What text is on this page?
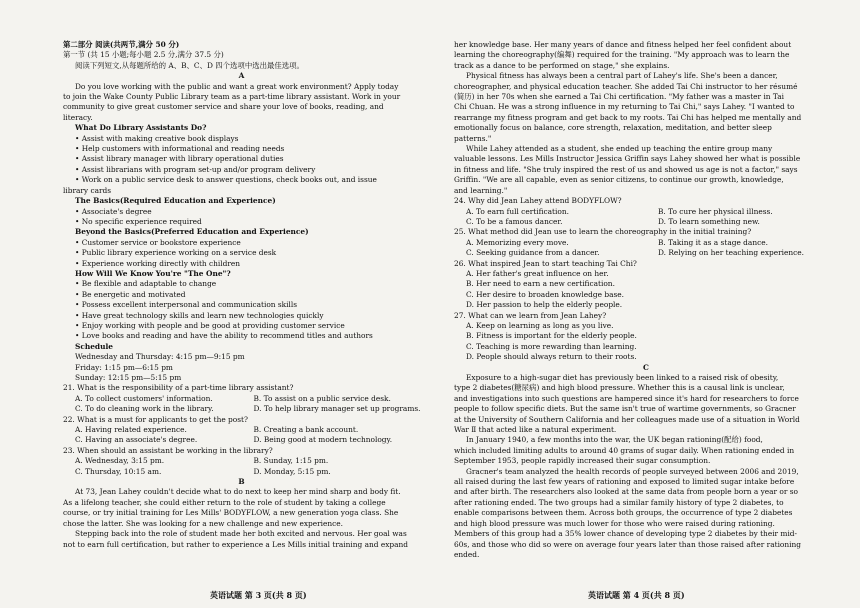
第二部分 阅读(共两节,满分 50 分)
第一节 (共 15 小题;每小题 2.5 分,满分 37.5 分)
阅读下列短文,从每题所给的 A、B、C、D 四个选项中选出最佳选项。
A
Do you love working with the public and want a great work environment? Apply today
to join the Wake County Public Library team as a part-time library assistant. Work in your
community to give great customer service and share your love of books, reading, and
literacy.
What Do Library Assistants Do?
• Assist with making creative book displays
• Help customers with informational and reading needs
• Assist library manager with library operational duties
• Assist librarians with program set-up and/or program delivery
• Work on a public service desk to answer questions, check books out, and issue
library cards
The Basics(Required Education and Experience)
• Associate's degree
• No specific experience required
Beyond the Basics(Preferred Education and Experience)
• Customer service or bookstore experience
• Public library experience working on a service desk
• Experience working directly with children
How Will We Know You're "The One"?
• Be flexible and adaptable to change
• Be energetic and motivated
• Possess excellent interpersonal and communication skills
• Have great technology skills and learn new technologies quickly
• Enjoy working with people and be good at providing customer service
• Love books and reading and have the ability to recommend titles and authors
Schedule
Wednesday and Thursday: 4:15 pm—9:15 pm
Friday: 1:15 pm—6:15 pm
Sunday: 12:15 pm—5:15 pm
21. What is the responsibility of a part-time library assistant?
A. To collect customers' information.	B. To assist on a public service desk.
C. To do cleaning work in the library.	D. To help library manager set up programs.
22. What is a must for applicants to get the post?
A. Having related experience.	B. Creating a bank account.
C. Having an associate's degree.	D. Being good at modern technology.
23. When should an assistant be working in the library?
A. Wednesday, 3:15 pm.	B. Sunday, 1:15 pm.
C. Thursday, 10:15 am.	D. Monday, 5:15 pm.
B
At 73, Jean Lahey couldn't decide what to do next to keep her mind sharp and body fit.
As a lifelong teacher, she could either return to the role of student by taking a college
course, or try initial training for Les Mills' BODYFLOW, a new generation yoga class. She
chose the latter. She was looking for a new challenge and new experience.
Stepping back into the role of student made her both excited and nervous. Her goal was
not to earn full certification, but rather to experience a Les Mills initial training and expand
her knowledge base. Her many years of dance and fitness helped her feel confident about
learning the choreography(编舞) required for the training. "My approach was to learn the
track as a dance to be performed on stage," she explains.
Physical fitness has always been a central part of Lahey's life. She's been a dancer,
choreographer, and physical education teacher. She added Tai Chi instructor to her résumé
(简历) in her 70s when she earned a Tai Chi certification. "My father was a master in Tai
Chi Chuan. He was a strong influence in my returning to Tai Chi," says Lahey. "I wanted to
rearrange my fitness program and get back to my roots. Tai Chi has helped me mentally and
emotionally focus on balance, core strength, relaxation, meditation, and better sleep
patterns."
While Lahey attended as a student, she ended up teaching the entire group many
valuable lessons. Les Mills Instructor Jessica Griffin says Lahey showed her what is possible
in fitness and life. "She truly inspired the rest of us and showed us age is not a factor," says
Griffin. "We are all capable, even as senior citizens, to continue our growth, knowledge,
and learning."
24. Why did Jean Lahey attend BODYFLOW?
A. To earn full certification.	B. To cure her physical illness.
C. To be a famous dancer.	D. To learn something new.
25. What method did Jean use to learn the choreography in the initial training?
A. Memorizing every move.	B. Taking it as a stage dance.
C. Seeking guidance from a dancer.	D. Relying on her teaching experience.
26. What inspired Jean to start teaching Tai Chi?
A. Her father's great influence on her.
B. Her need to earn a new certification.
C. Her desire to broaden knowledge base.
D. Her passion to help the elderly people.
27. What can we learn from Jean Lahey?
A. Keep on learning as long as you live.
B. Fitness is important for the elderly people.
C. Teaching is more rewarding than learning.
D. People should always return to their roots.
C
Exposure to a high-sugar diet has previously been linked to a raised risk of obesity,
type 2 diabetes(糖尿病) and high blood pressure. Whether this is a causal link is unclear,
and investigations into such questions are hampered since it's hard for researchers to force
people to follow specific diets. But the same isn't true of wartime governments, so Gracner
at the University of Southern California and her colleagues made use of a situation in World
War Ⅱ that acted like a natural experiment.
In January 1940, a few months into the war, the UK began rationing(配给) food,
which included limiting adults to around 40 grams of sugar daily. When rationing ended in
September 1953, people rapidly increased their sugar consumption.
Gracner's team analyzed the health records of people surveyed between 2006 and 2019,
all raised during the last few years of rationing and exposed to limited sugar intake before
and after birth. The researchers also looked at the same data from people born a year or so
after rationing ended. The two groups had a similar family history of type 2 diabetes, to
enable comparisons between them. Across both groups, the occurrence of type 2 diabetes
and high blood pressure was much lower for those who were raised during rationing.
Members of this group had a 35% lower chance of developing type 2 diabetes by their mid-
60s, and those who did so were on average four years later than those raised after rationing
ended.
英语试题 第 3 页(共 8 页)	英语试题 第 4 页(共 8 页)
